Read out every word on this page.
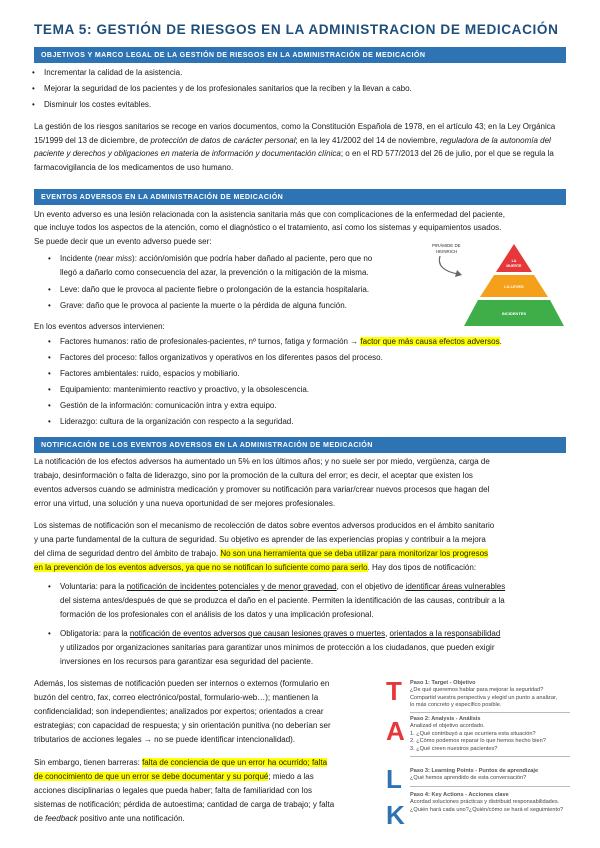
TEMA 5: GESTIÓN DE RIESGOS EN LA ADMINISTRACION DE MEDICACIÓN
OBJETIVOS Y MARCO LEGAL DE LA GESTIÓN DE RIESGOS EN LA ADMINISTRACIÓN DE MEDICACIÓN
• Incrementar la calidad de la asistencia.
• Mejorar la seguridad de los pacientes y de los profesionales sanitarios que la reciben y la llevan a cabo.
• Disminuir los costes evitables.
La gestión de los riesgos sanitarios se recoge en varios documentos, como la Constitución Española de 1978, en el artículo 43; en la Ley Orgánica 15/1999 del 13 de diciembre, de protección de datos de carácter personal; en la ley 41/2002 del 14 de noviembre, reguladora de la autonomía del paciente y derechos y obligaciones en materia de información y documentación clínica; o en el RD 577/2013 del 26 de julio, por el que se regula la farmacovigilancia de los medicamentos de uso humano.
EVENTOS ADVERSOS EN LA ADMINISTRACIÓN DE MEDICACIÓN
Un evento adverso es una lesión relacionada con la asistencia sanitaria más que con complicaciones de la enfermedad del paciente,
que incluye todos los aspectos de la atención, como el diagnóstico o el tratamiento, así como los sistemas y equipamientos usados.
Se puede decir que un evento adverso puede ser:
• Incidente (near miss): acción/omisión que podría haber dañado al paciente, pero que no
llegó a dañarlo como consecuencia del azar, la prevención o la mitigación de la misma.
• Leve: daño que le provoca al paciente fiebre o prolongación de la estancia hospitalaria.
• Grave: daño que le provoca al paciente la muerte o la pérdida de alguna función.
PIRÁMIDE DE
HEINRICH
LA
MUERTE
LA LEVES
INCIDENTES
En los eventos adversos intervienen:
• Factores humanos: ratio de profesionales-pacientes, nº turnos, fatiga y formación → factor que más causa efectos adversos.
• Factores del proceso: fallos organizativos y operativos en los diferentes pasos del proceso.
• Factores ambientales: ruido, espacios y mobiliario.
• Equipamiento: mantenimiento reactivo y proactivo, y la obsolescencia.
• Gestión de la información: comunicación intra y extra equipo.
• Liderazgo: cultura de la organización con respecto a la seguridad.
NOTIFICACIÓN DE LOS EVENTOS ADVERSOS EN LA ADMINISTRACIÓN DE MEDICACIÓN
La notificación de los efectos adversos ha aumentado un 5% en los últimos años; y no suele ser por miedo, vergüenza, carga de
trabajo, desinformación o falta de liderazgo, sino por la promoción de la cultura del error; es decir, el aceptar que existen los
eventos adversos cuando se administra medicación y promover su notificación para variar/crear nuevos procesos que hagan del
error una virtud, una solución y una nueva oportunidad de ser mejores profesionales.
Los sistemas de notificación son el mecanismo de recolección de datos sobre eventos adversos producidos en el ámbito sanitario
y una parte fundamental de la cultura de seguridad. Su objetivo es aprender de las experiencias propias y contribuir a la mejora
del clima de seguridad dentro del ámbito de trabajo. No son una herramienta que se deba utilizar para monitorizar los progresos
en la prevención de los eventos adversos, ya que no se notifican lo suficiente como para serlo. Hay dos tipos de notificación:
• Voluntaria: para la notificación de incidentes potenciales y de menor gravedad, con el objetivo de identificar áreas vulnerables
del sistema antes/después de que se produzca el daño en el paciente. Permiten la identificación de las causas, contribuir a la
formación de los profesionales con el análisis de los datos y una implicación profesional.
• Obligatoria: para la notificación de eventos adversos que causan lesiones graves o muertes, orientados a la responsabilidad
y utilizados por organizaciones sanitarias para garantizar unos mínimos de protección a los ciudadanos, que pueden exigir
inversiones en los recursos para garantizar esa seguridad del paciente.
Además, los sistemas de notificación pueden ser internos o externos (formulario en
buzón del centro, fax, correo electrónico/postal, formulario-web…); mantienen la
confidencialidad; son independientes; analizados por expertos; orientados a crear
estrategias; con capacidad de respuesta; y sin orientación punitiva (no deberían ser
tributarios de acciones legales → no se puede identificar intencionalidad).
Sin embargo, tienen barreras: falta de conciencia de que un error ha ocurrido; falta
de conocimiento de que un error se debe documentar y su porqué; miedo a las
acciones disciplinarias o legales que pueda haber; falta de familiaridad con los
sistemas de notificación; pérdida de autoestima; cantidad de carga de trabajo; y falta
de feedback positivo ante una notificación.
T Paso 1: Target - Objetivo
¿De qué queremos hablar para mejorar la seguridad?
Compartid vuestra perspectiva y elegid un punto a analizar,
lo más concreto y específico posible.
A Paso 2: Analysis - Análisis
Analizad el objetivo acordado.
1. ¿Qué contribuyó a que ocurriera esta situación?
2. ¿Cómo podemos reparar lo que hemos hecho bien?
3. ¿Qué creen nuestros pacientes?
L Paso 3: Learning Points - Puntos de aprendizaje
¿Qué hemos aprendido de esta conversación?
K
Paso 4: Key Actions - Acciones clave
Acordad soluciones prácticas y distribuid responsabilidades.
¿Quién hará cada uno?¿Quién/cómo se hará el seguimiento?
